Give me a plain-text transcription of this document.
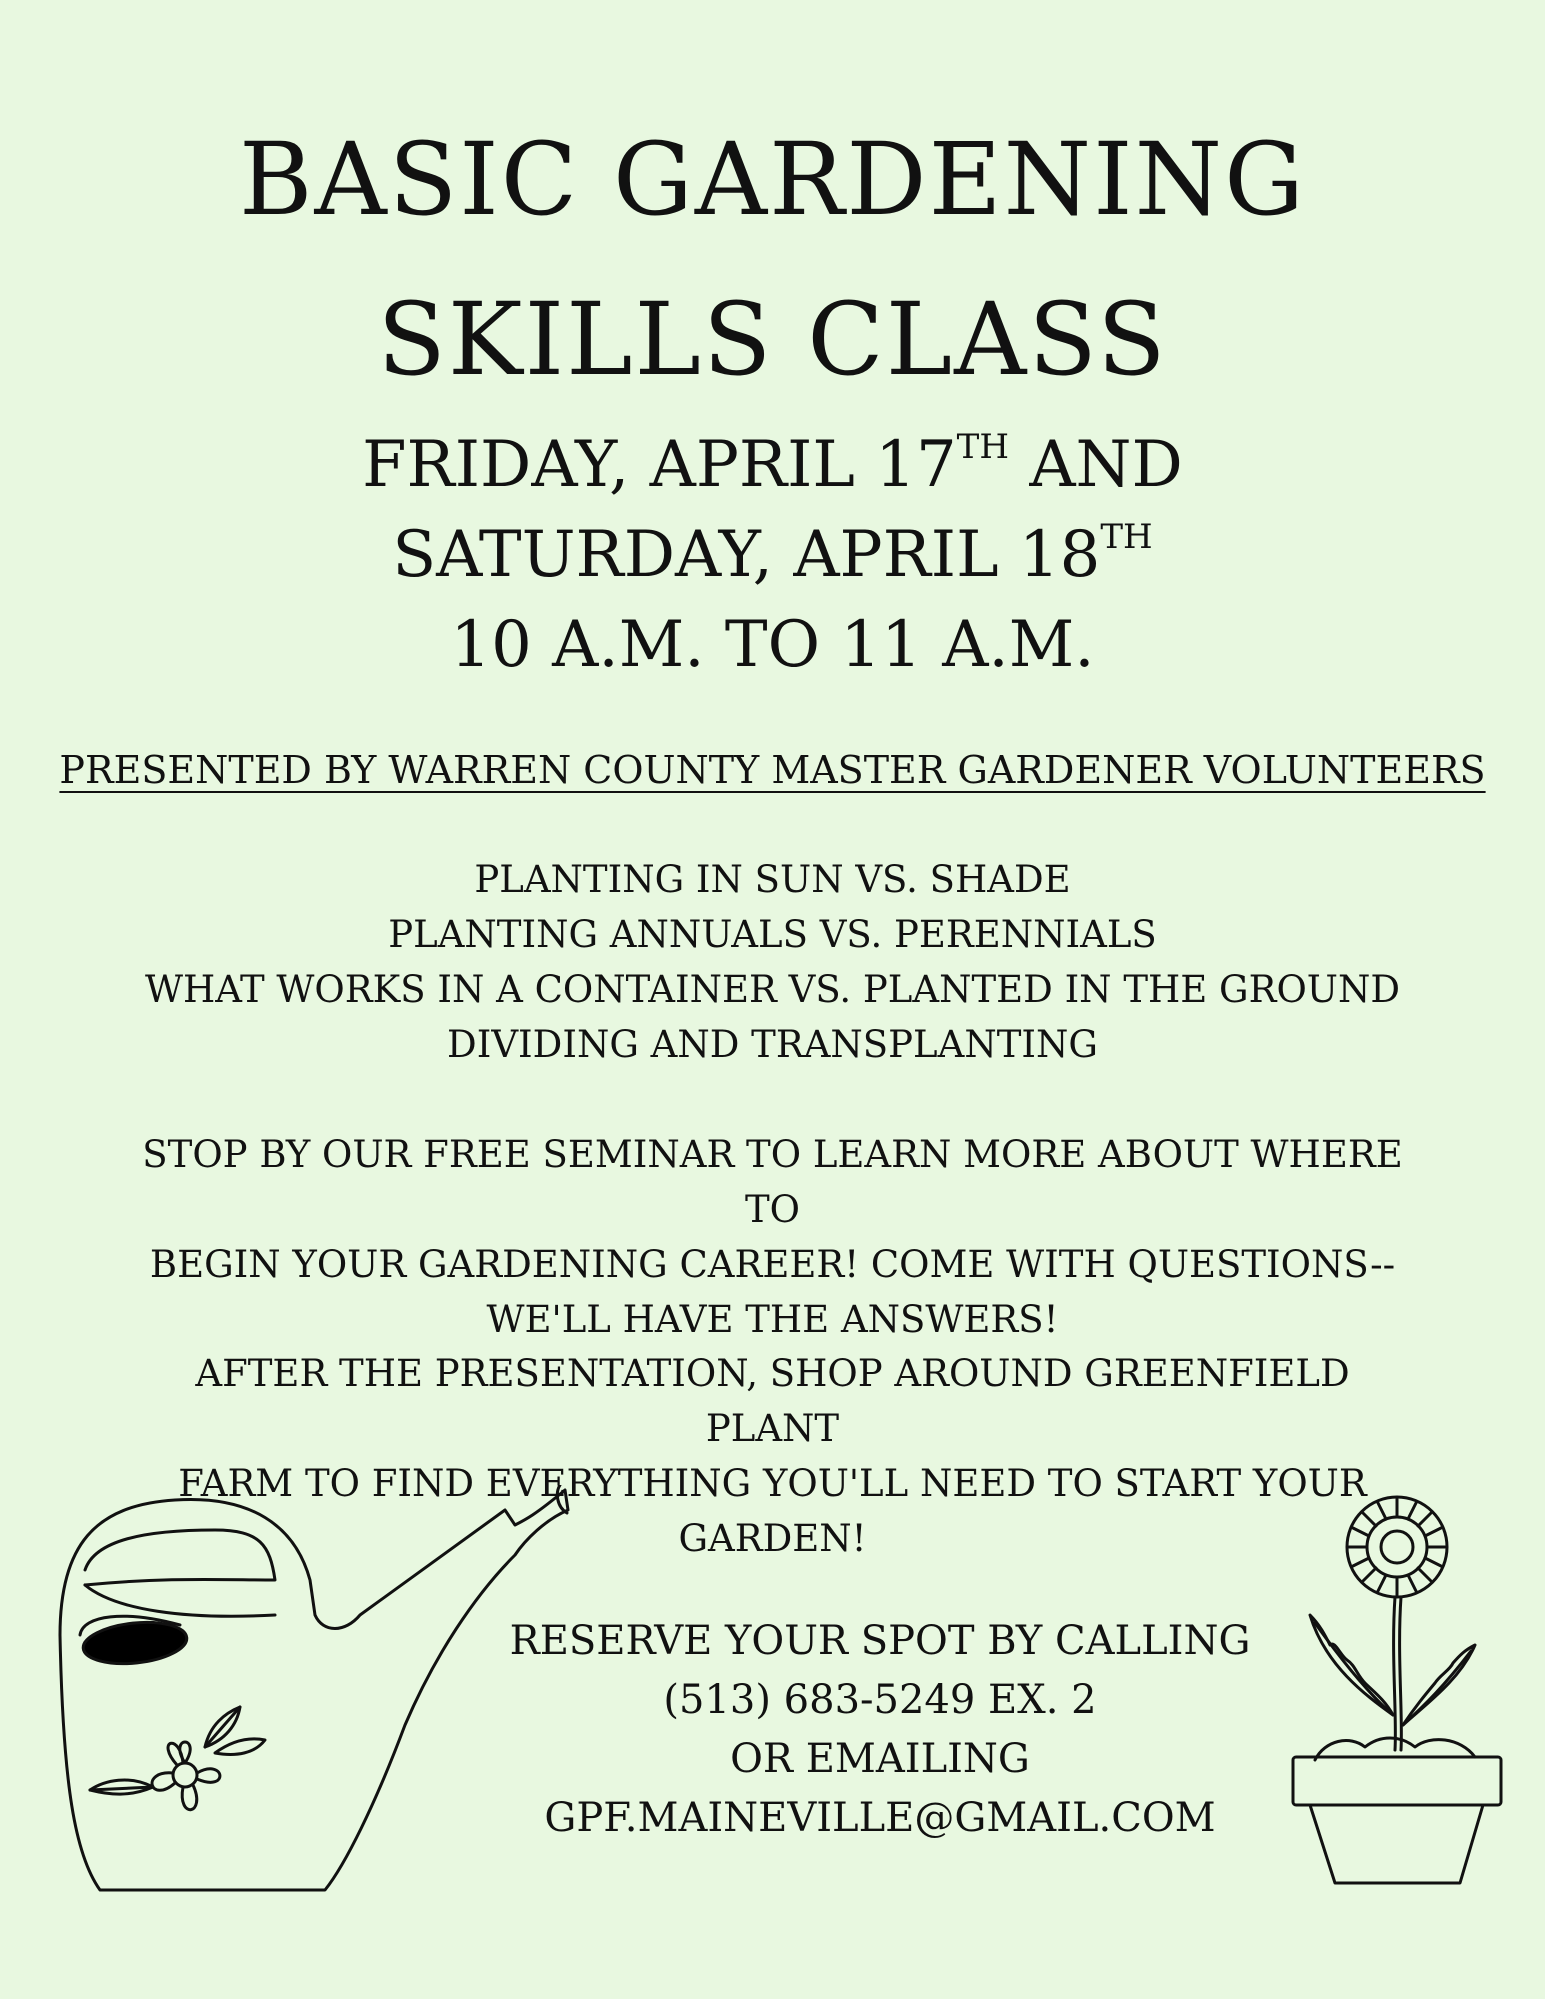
BASIC GARDENING
SKILLS CLASS
FRIDAY, APRIL 17TH AND
SATURDAY, APRIL 18TH
10 A.M. TO 11 A.M.
PRESENTED BY WARREN COUNTY MASTER GARDENER VOLUNTEERS
PLANTING IN SUN VS. SHADE
PLANTING ANNUALS VS. PERENNIALS
WHAT WORKS IN A CONTAINER VS. PLANTED IN THE GROUND
DIVIDING AND TRANSPLANTING
STOP BY OUR FREE SEMINAR TO LEARN MORE ABOUT WHERE TO
BEGIN YOUR GARDENING CAREER! COME WITH QUESTIONS--
WE'LL HAVE THE ANSWERS!
AFTER THE PRESENTATION, SHOP AROUND GREENFIELD PLANT
FARM TO FIND EVERYTHING YOU'LL NEED TO START YOUR
GARDEN!
RESERVE YOUR SPOT BY CALLING
(513) 683-5249 EX. 2
OR EMAILING
GPF.MAINEVILLE@GMAIL.COM
